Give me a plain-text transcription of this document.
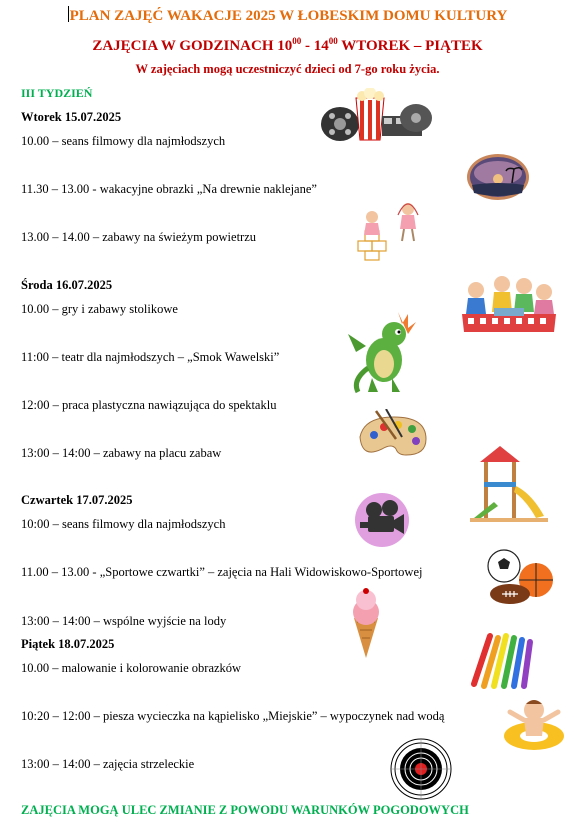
PLAN ZAJĘĆ WAKACJE 2025 W ŁOBESKIM DOMU KULTURY
ZAJĘCIA W GODZINACH $10^{00} - 14^{00}$ WTOREK – PIĄTEK
W zajęciach mogą uczestniczyć dzieci od 7-go roku życia.
III TYDZIEŃ
Wtorek 15.07.2025
10.00 – seans filmowy dla najmłodszych
11.30 – 13.00 - wakacyjne obrazki „Na drewnie naklejane”
13.00 – 14.00 – zabawy na świeżym powietrzu
Środa 16.07.2025
10.00 – gry i zabawy stolikowe
11:00 – teatr dla najmłodszych – „Smok Wawelski”
12:00 – praca plastyczna nawiązująca do spektaklu
13:00 – 14:00 – zabawy na placu zabaw
Czwartek 17.07.2025
10:00 – seans filmowy dla najmłodszych
11.00 – 13.00 - „Sportowe czwartki” – zajęcia na Hali Widowiskowo-Sportowej
13:00 – 14:00 – wspólne wyjście na lody
Piątek 18.07.2025
10.00 – malowanie i kolorowanie obrazków
10:20 – 12:00 – piesza wycieczka na kąpielisko „Miejskie” – wypoczynek nad wodą
13:00 – 14:00 – zajęcia strzeleckie
ZAJĘCIA MOGĄ ULEC ZMIANIE Z POWODU WARUNKÓW POGODOWYCH
